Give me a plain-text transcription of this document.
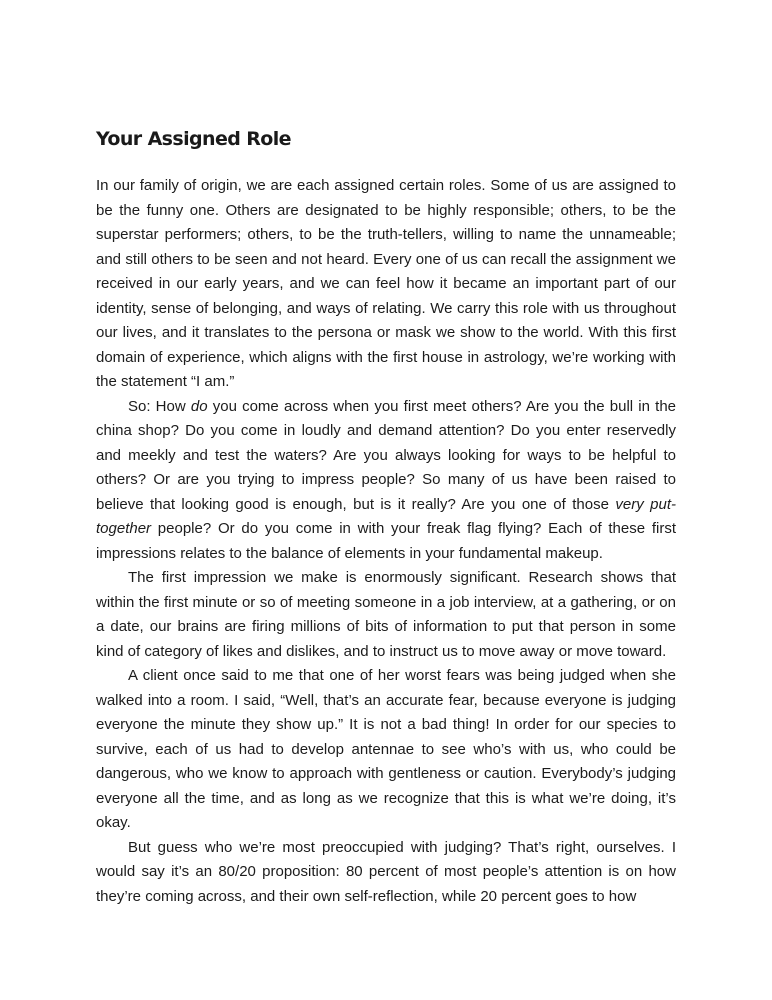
Your Assigned Role

In our family of origin, we are each assigned certain roles. Some of us are assigned to be the funny one. Others are designated to be highly responsible; others, to be the superstar performers; others, to be the truth-tellers, willing to name the unnameable; and still others to be seen and not heard. Every one of us can recall the assignment we received in our early years, and we can feel how it became an important part of our identity, sense of belonging, and ways of relating. We carry this role with us throughout our lives, and it translates to the persona or mask we show to the world. With this first domain of experience, which aligns with the first house in astrology, we’re working with the statement “I am.”

So: How do you come across when you first meet others? Are you the bull in the china shop? Do you come in loudly and demand attention? Do you enter reservedly and meekly and test the waters? Are you always looking for ways to be helpful to others? Or are you trying to impress people? So many of us have been raised to believe that looking good is enough, but is it really? Are you one of those very put-together people? Or do you come in with your freak flag flying? Each of these first impressions relates to the balance of elements in your fundamental makeup.

The first impression we make is enormously significant. Research shows that within the first minute or so of meeting someone in a job interview, at a gathering, or on a date, our brains are firing millions of bits of information to put that person in some kind of category of likes and dislikes, and to instruct us to move away or move toward.

A client once said to me that one of her worst fears was being judged when she walked into a room. I said, “Well, that’s an accurate fear, because everyone is judging everyone the minute they show up.” It is not a bad thing! In order for our species to survive, each of us had to develop antennae to see who’s with us, who could be dangerous, who we know to approach with gentleness or caution. Everybody’s judging everyone all the time, and as long as we recognize that this is what we’re doing, it’s okay.

But guess who we’re most preoccupied with judging? That’s right, ourselves. I would say it’s an 80/20 proposition: 80 percent of most people’s attention is on how they’re coming across, and their own self-reflection, while 20 percent goes to how
